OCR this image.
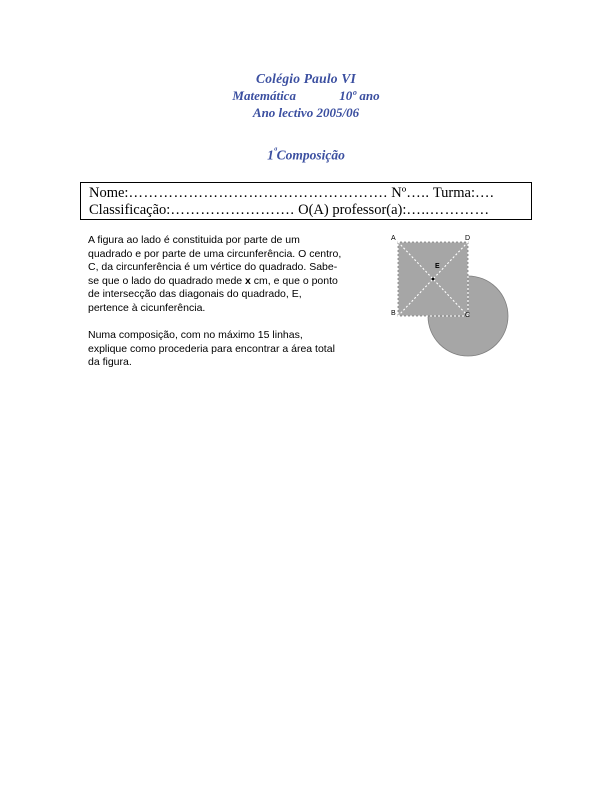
Colégio Paulo VI
Matemática	10º ano
Ano lectivo 2005/06
$1^ªComposição$
Nome:……………………………………………. Nº….. Turma:….
Classificação:……………………. O(A) professor(a):…..…………

A figura ao lado é constituida por parte de um quadrado e por parte de uma circunferência. O centro, C, da circunferência é um vértice do quadrado. Sabe-se que o lado do quadrado mede x cm, e que o ponto de intersecção das diagonais do quadrado, E, pertence à cicunferência.

Numa composição, com no máximo 15 linhas, explique como procederia para encontrar a área total da figura.

A	D
B	C
E
